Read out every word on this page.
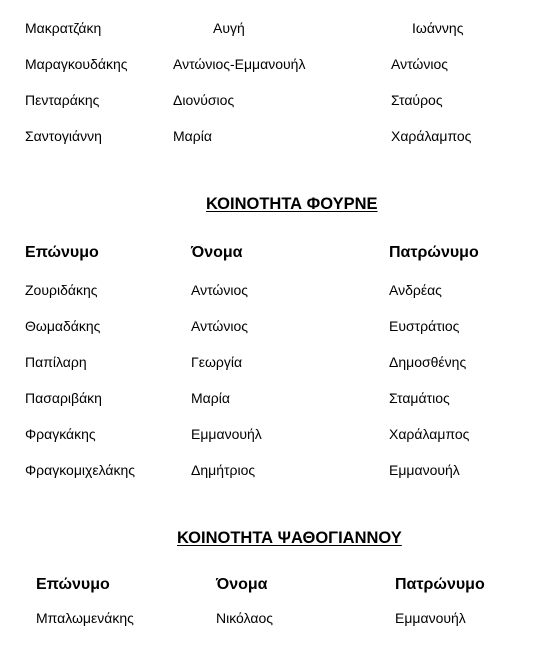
Μακρατζάκη	Αυγή	Ιωάννης
Μαραγκουδάκης	Αντώνιος-Εμμανουήλ	Αντώνιος
Πενταράκης	Διονύσιος	Σταύρος
Σαντογιάννη	Μαρία	Χαράλαμπος
ΚΟΙΝΟΤΗΤΑ ΦΟΥΡΝΕ
Επώνυμο	Όνομα	Πατρώνυμο
Ζουριδάκης	Αντώνιος	Ανδρέας
Θωμαδάκης	Αντώνιος	Ευστράτιος
Παπίλαρη	Γεωργία	Δημοσθένης
Πασαριβάκη	Μαρία	Σταμάτιος
Φραγκάκης	Εμμανουήλ	Χαράλαμπος
Φραγκομιχελάκης	Δημήτριος	Εμμανουήλ
ΚΟΙΝΟΤΗΤΑ ΨΑΘΟΓΙΑΝΝΟΥ
Επώνυμο	Όνομα	Πατρώνυμο
Μπαλωμενάκης	Νικόλαος	Εμμανουήλ
